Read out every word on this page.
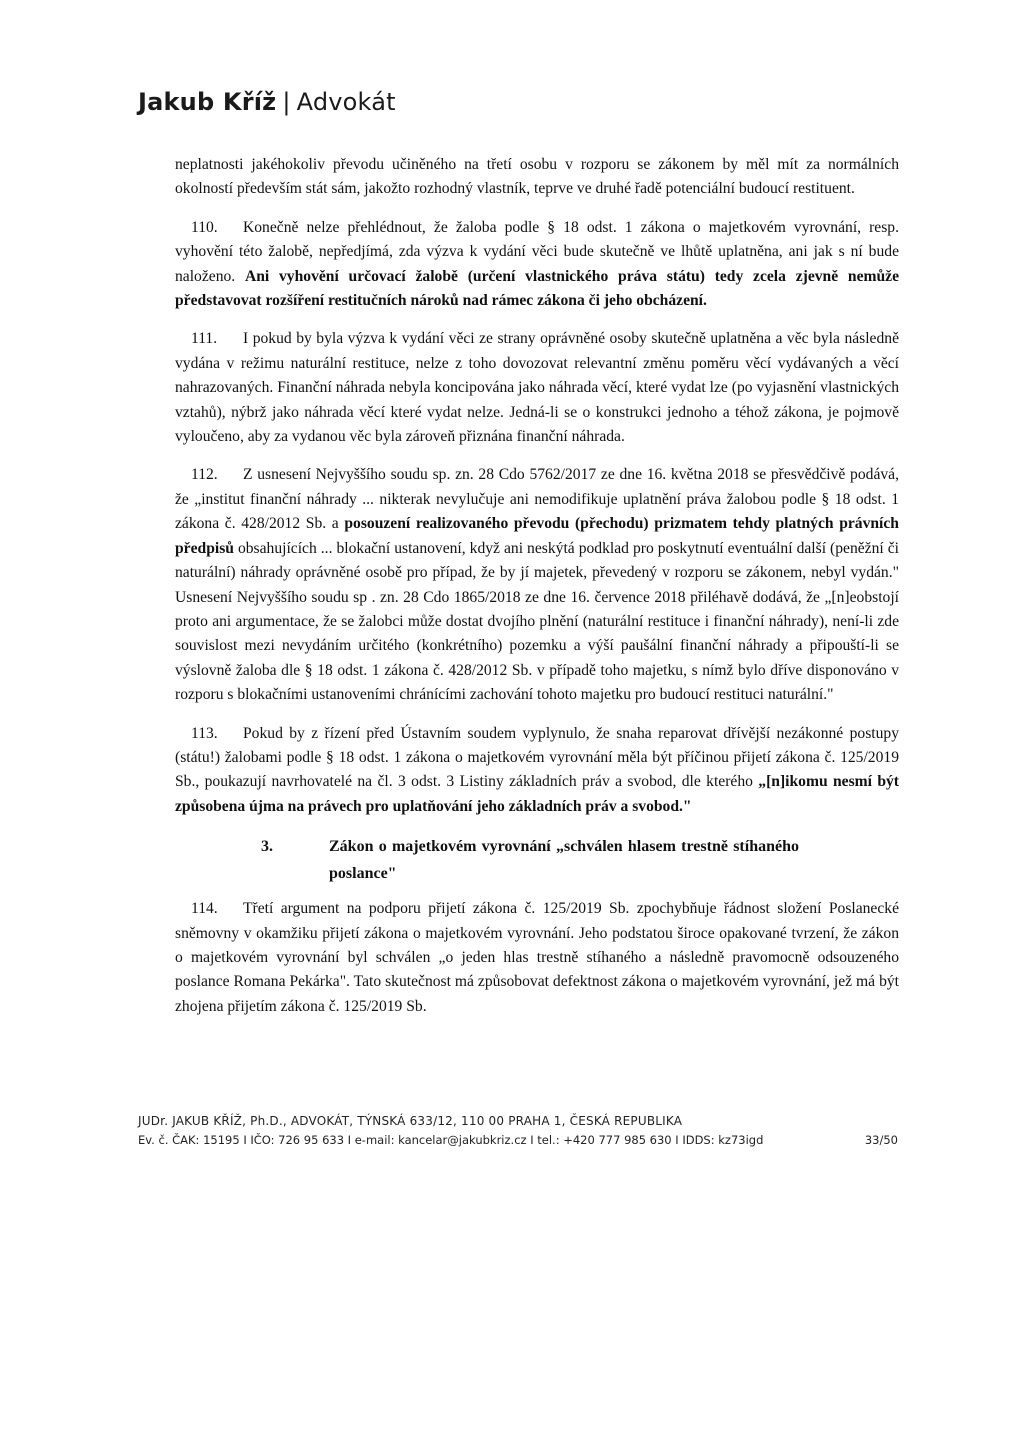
Jakub Kříž | Advokát

neplatnosti jakéhokoliv převodu učiněného na třetí osobu v rozporu se zákonem by měl mít za normálních okolností především stát sám, jakožto rozhodný vlastník, teprve ve druhé řadě potenciální budoucí restituent.

110. Konečně nelze přehlédnout, že žaloba podle § 18 odst. 1 zákona o majetkovém vyrovnání, resp. vyhovění této žalobě, nepředjímá, zda výzva k vydání věci bude skutečně ve lhůtě uplatněna, ani jak s ní bude naloženo. Ani vyhovění určovací žalobě (určení vlastnického práva státu) tedy zcela zjevně nemůže představovat rozšíření restitučních nároků nad rámec zákona či jeho obcházení.

111. I pokud by byla výzva k vydání věci ze strany oprávněné osoby skutečně uplatněna a věc byla následně vydána v režimu naturální restituce, nelze z toho dovozovat relevantní změnu poměru věcí vydávaných a věcí nahrazovaných. Finanční náhrada nebyla koncipována jako náhrada věcí, které vydat lze (po vyjasnění vlastnických vztahů), nýbrž jako náhrada věcí které vydat nelze. Jedná-li se o konstrukci jednoho a téhož zákona, je pojmově vyloučeno, aby za vydanou věc byla zároveň přiznána finanční náhrada.

112. Z usnesení Nejvyššího soudu sp. zn. 28 Cdo 5762/2017 ze dne 16. května 2018 se přesvědčivě podává, že „institut finanční náhrady ... nikterak nevylučuje ani nemodifikuje uplatnění práva žalobou podle § 18 odst. 1 zákona č. 428/2012 Sb. a posouzení realizovaného převodu (přechodu) prizmatem tehdy platných právních předpisů obsahujících ... blokační ustanovení, když ani neskýtá podklad pro poskytnutí eventuální další (peněžní či naturální) náhrady oprávněné osobě pro případ, že by jí majetek, převedený v rozporu se zákonem, nebyl vydán." Usnesení Nejvyššího soudu sp . zn. 28 Cdo 1865/2018 ze dne 16. července 2018 přiléhavě dodává, že „[n]eobstojí proto ani argumentace, že se žalobci může dostat dvojího plnění (naturální restituce i finanční náhrady), není-li zde souvislost mezi nevydáním určitého (konkrétního) pozemku a výší paušální finanční náhrady a připouští-li se výslovně žaloba dle § 18 odst. 1 zákona č. 428/2012 Sb. v případě toho majetku, s nímž bylo dříve disponováno v rozporu s blokačními ustanoveními chránícími zachování tohoto majetku pro budoucí restituci naturální."

113. Pokud by z řízení před Ústavním soudem vyplynulo, že snaha reparovat dřívější nezákonné postupy (státu!) žalobami podle § 18 odst. 1 zákona o majetkovém vyrovnání měla být příčinou přijetí zákona č. 125/2019 Sb., poukazují navrhovatelé na čl. 3 odst. 3 Listiny základních práv a svobod, dle kterého „[n]ikomu nesmí být způsobena újma na právech pro uplatňování jeho základních práv a svobod."

3.	Zákon o majetkovém vyrovnání „schválen hlasem trestně stíhaného poslance"

114. Třetí argument na podporu přijetí zákona č. 125/2019 Sb. zpochybňuje řádnost složení Poslanecké sněmovny v okamžiku přijetí zákona o majetkovém vyrovnání. Jeho podstatou široce opakované tvrzení, že zákon o majetkovém vyrovnání byl schválen „o jeden hlas trestně stíhaného a následně pravomocně odsouzeného poslance Romana Pekárka". Tato skutečnost má způsobovat defektnost zákona o majetkovém vyrovnání, jež má být zhojena přijetím zákona č. 125/2019 Sb.

JUDr. JAKUB KŘÍŽ, Ph.D., ADVOKÁT, TÝNSKÁ 633/12, 110 00 PRAHA 1, ČESKÁ REPUBLIKA
Ev. č. ČAK: 15195 I IČO: 726 95 633 I e-mail: kancelar@jakubkriz.cz I tel.: +420 777 985 630 I IDDS: kz73igd	33/50
